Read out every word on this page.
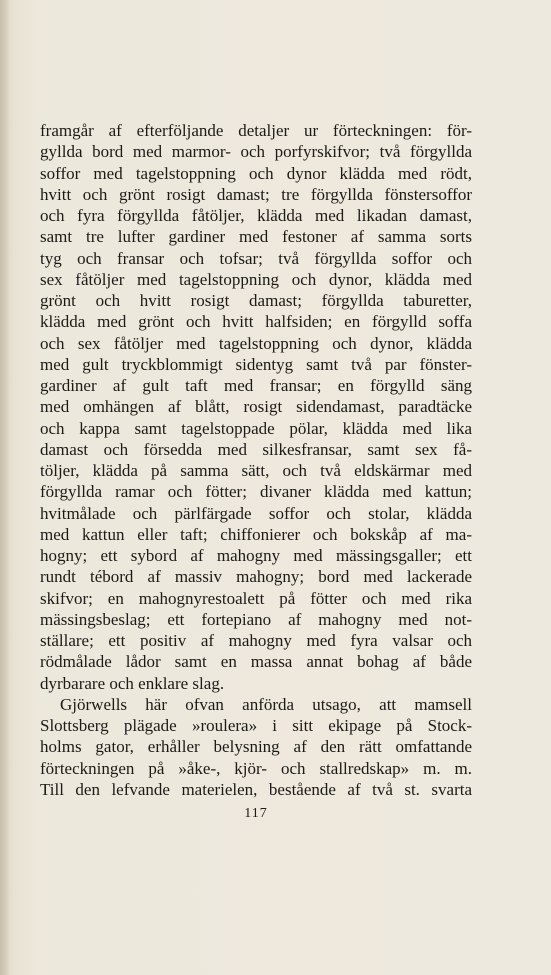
framgår af efterföljande detaljer ur förteckningen: för-
gyllda bord med marmor- och porfyrskifvor; två förgyllda
soffor med tagelstoppning och dynor klädda med rödt,
hvitt och grönt rosigt damast; tre förgyllda fönstersoffor
och fyra förgyllda fåtöljer, klädda med likadan damast,
samt tre lufter gardiner med festoner af samma sorts
tyg och fransar och tofsar; två förgyllda soffor och
sex fåtöljer med tagelstoppning och dynor, klädda med
grönt och hvitt rosigt damast; förgyllda taburetter,
klädda med grönt och hvitt halfsiden; en förgylld soffa
och sex fåtöljer med tagelstoppning och dynor, klädda
med gult tryckblommigt sidentyg samt två par fönster-
gardiner af gult taft med fransar; en förgylld säng
med omhängen af blått, rosigt sidendamast, paradtäcke
och kappa samt tagelstoppade pölar, klädda med lika
damast och försedda med silkesfransar, samt sex få-
töljer, klädda på samma sätt, och två eldskärmar med
förgyllda ramar och fötter; divaner klädda med kattun;
hvitmålade och pärlfärgade soffor och stolar, klädda
med kattun eller taft; chiffonierer och bokskåp af ma-
hogny; ett sybord af mahogny med mässingsgaller; ett
rundt tébord af massiv mahogny; bord med lackerade
skifvor; en mahognyrestoalett på fötter och med rika
mässingsbeslag; ett fortepiano af mahogny med not-
ställare; ett positiv af mahogny med fyra valsar och
rödmålade lådor samt en massa annat bohag af både
dyrbarare och enklare slag.
Gjörwells här ofvan anförda utsago, att mamsell
Slottsberg plägade »roulera» i sitt ekipage på Stock-
holms gator, erhåller belysning af den rätt omfattande
förteckningen på »åke-, kjör- och stallredskap» m. m.
Till den lefvande materielen, bestående af två st. svarta
117
